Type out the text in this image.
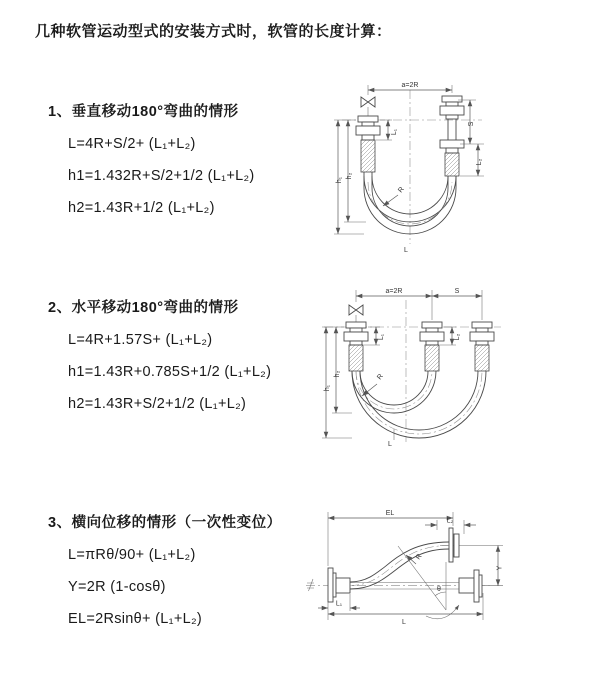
几种软管运动型式的安装方式时，软管的长度计算：
1、垂直移动180°弯曲的情形
L=4R+S/2+ (L₁+L₂)
h1=1.432R+S/2+1/2 (L₁+L₂)
h2=1.43R+1/2 (L₁+L₂)
2、水平移动180°弯曲的情形
L=4R+1.57S+ (L₁+L₂)
h1=1.43R+0.785S+1/2 (L₁+L₂)
h2=1.43R+S/2+1/2 (L₁+L₂)
3、横向位移的情形（一次性变位）
L=πRθ/90+ (L₁+L₂)
Y=2R (1-cosθ)
EL=2Rsinθ+ (L₁+L₂)
a=2R
R
h₁
h₂
L₁
S
L₂
L
a=2R	S
R
h₁
h₂
L₁	L₂
L
EL
L₂
R
θ
Y
L
L₁
